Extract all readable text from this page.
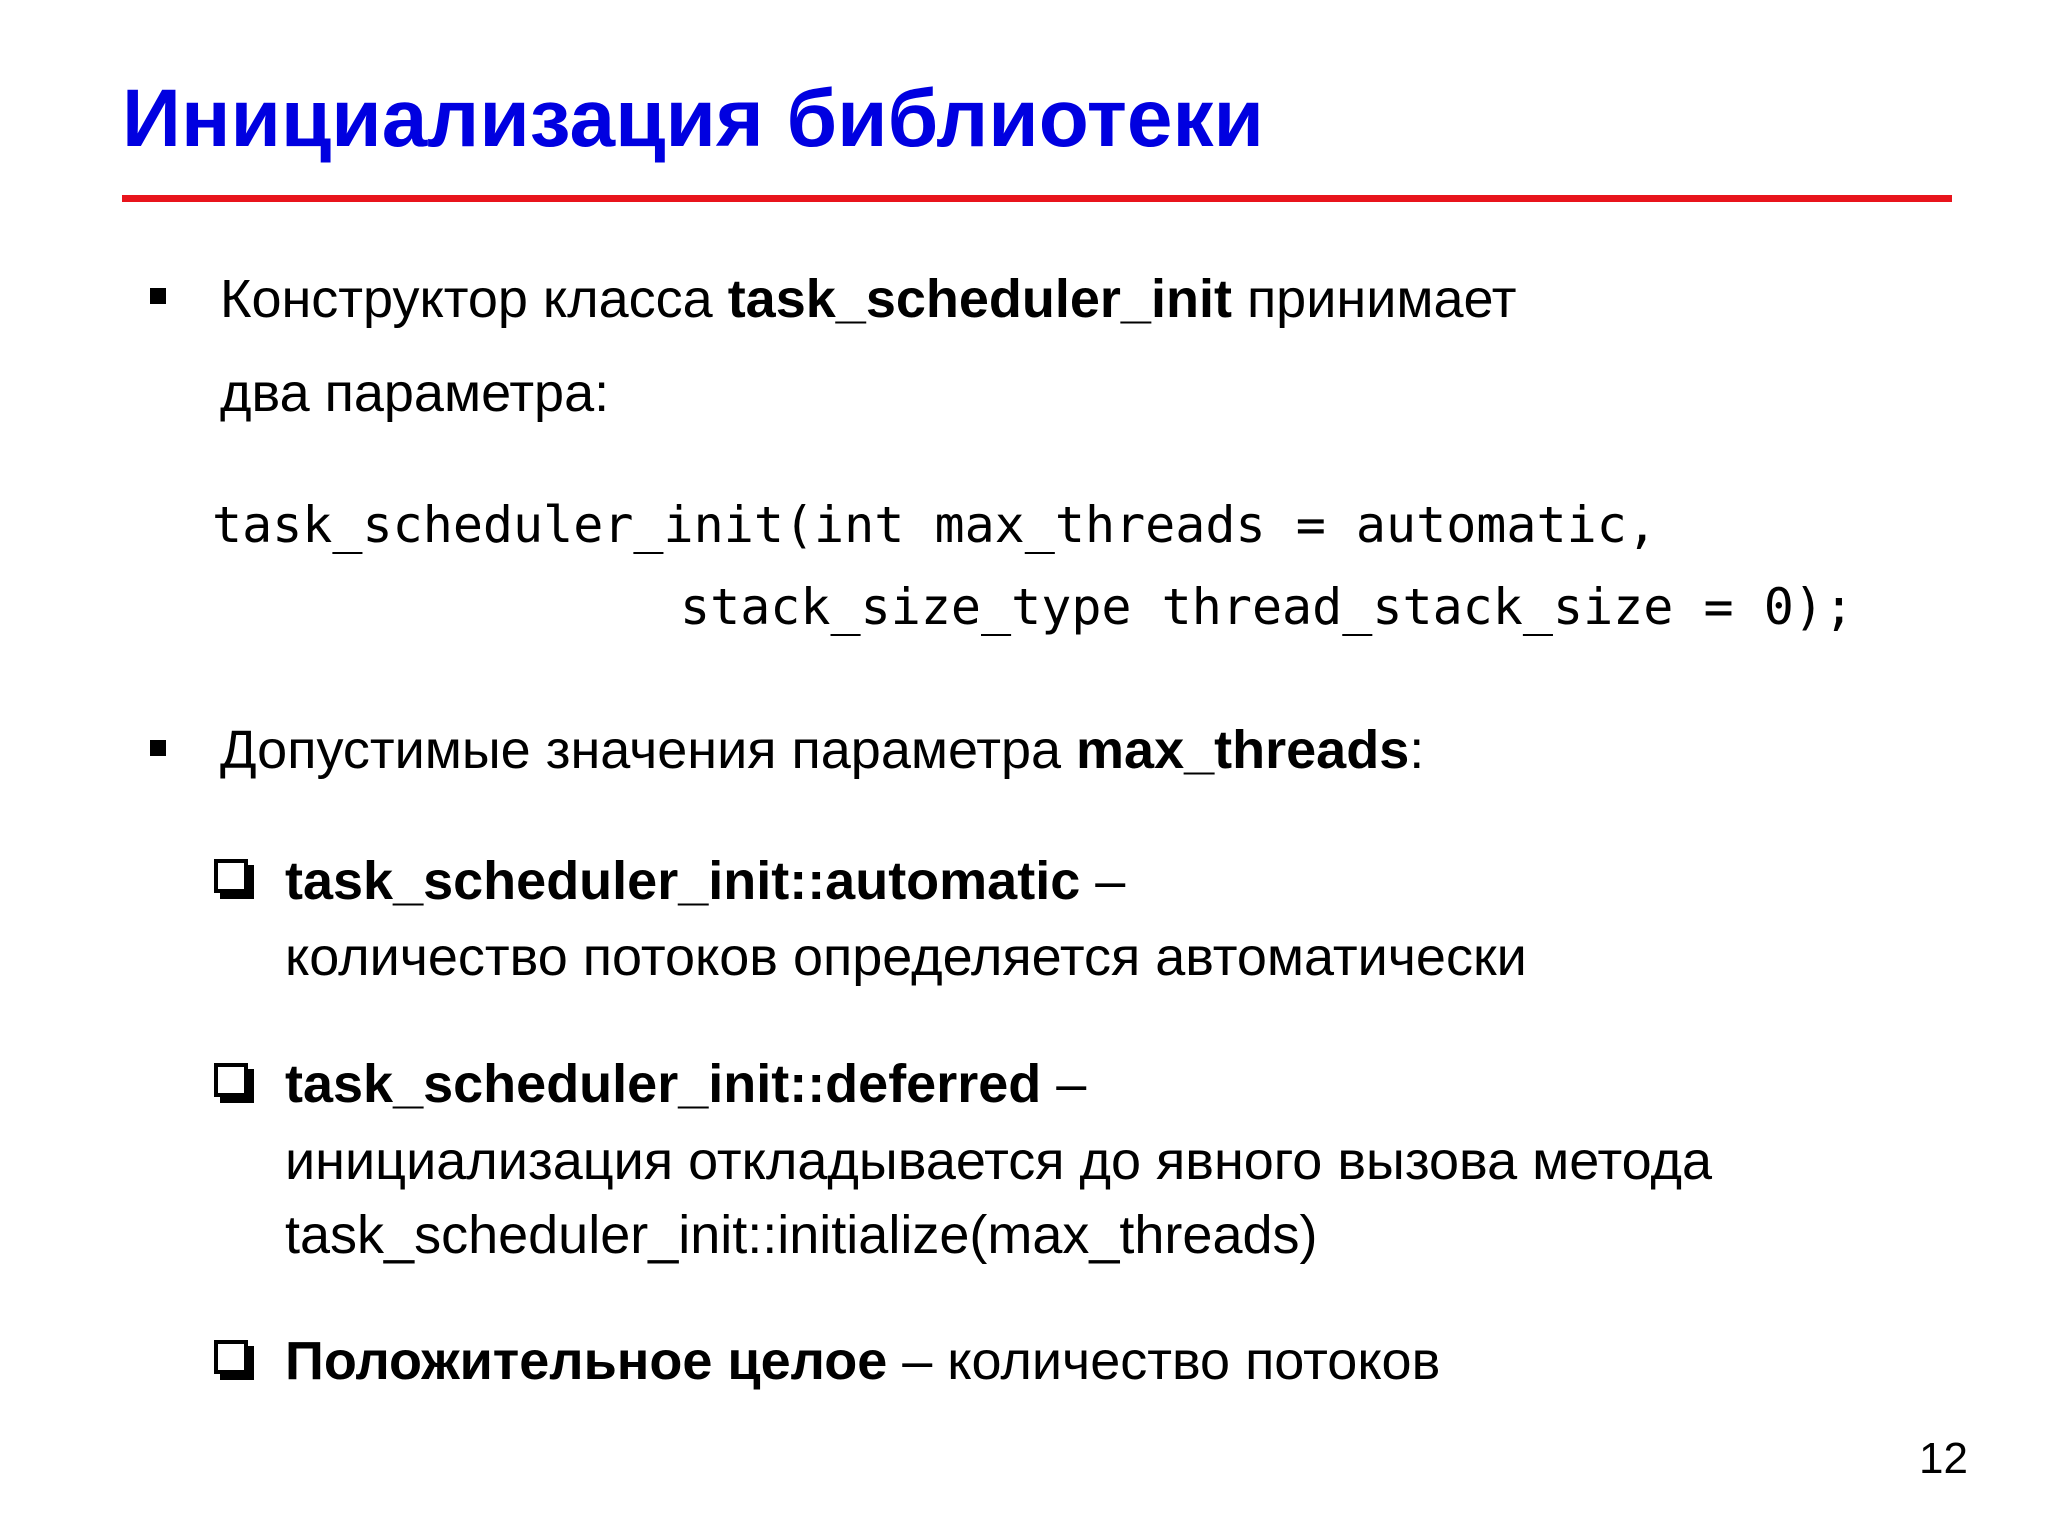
Инициализация библиотеки
Конструктор класса task_scheduler_init принимает
два параметра:
task_scheduler_init(int max_threads = automatic,
stack_size_type thread_stack_size = 0);
Допустимые значения параметра max_threads:
task_scheduler_init::automatic –
количество потоков определяется автоматически
task_scheduler_init::deferred –
инициализация откладывается до явного вызова метода
task_scheduler_init::initialize(max_threads)
Положительное целое – количество потоков
12
